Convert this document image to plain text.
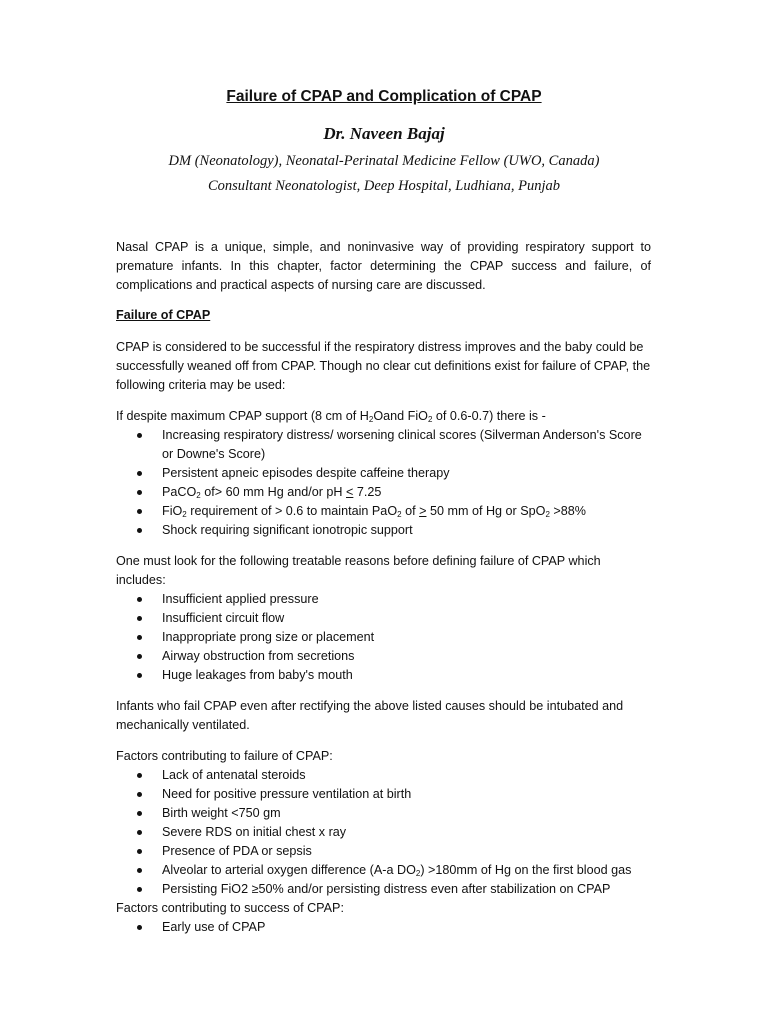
Failure of CPAP and Complication of CPAP
Dr. Naveen Bajaj
DM (Neonatology), Neonatal-Perinatal Medicine Fellow (UWO, Canada)
Consultant Neonatologist, Deep Hospital, Ludhiana, Punjab
Nasal CPAP is a unique, simple, and noninvasive way of providing respiratory support to premature infants. In this chapter, factor determining the CPAP success and failure, of complications and practical aspects of nursing care are discussed.
Failure of CPAP

CPAP is considered to be successful if the respiratory distress improves and the baby could be successfully weaned off from CPAP. Though no clear cut definitions exist for failure of CPAP, the following criteria may be used:

If despite maximum CPAP support (8 cm of $H_2Oand$ FiO$_2$ of 0.6-0.7) there is -

Increasing respiratory distress/ worsening clinical scores (Silverman Anderson's Score or Downe's Score)
Persistent apneic episodes despite caffeine therapy
PaCO$_2$ of> 60 mm Hg and/or pH < 7.25
FiO$_2$ requirement of > 0.6 to maintain PaO$_2$ of > 50 mm of Hg or SpO$_2$ >88%
Shock requiring significant ionotropic support

One must look for the following treatable reasons before defining failure of CPAP which includes:

Insufficient applied pressure
Insufficient circuit flow
Inappropriate prong size or placement
Airway obstruction from secretions
Huge leakages from baby's mouth

Infants who fail CPAP even after rectifying the above listed causes should be intubated and mechanically ventilated.

Factors contributing to failure of CPAP:

Lack of antenatal steroids
Need for positive pressure ventilation at birth
Birth weight <750 gm
Severe RDS on initial chest x ray
Presence of PDA or sepsis
Alveolar to arterial oxygen difference (A-a $DO_2) >180mm$ of Hg on the first blood gas
Persisting FiO2 ≥50% and/or persisting distress even after stabilization on CPAP

Factors contributing to success of CPAP:

Early use of CPAP
